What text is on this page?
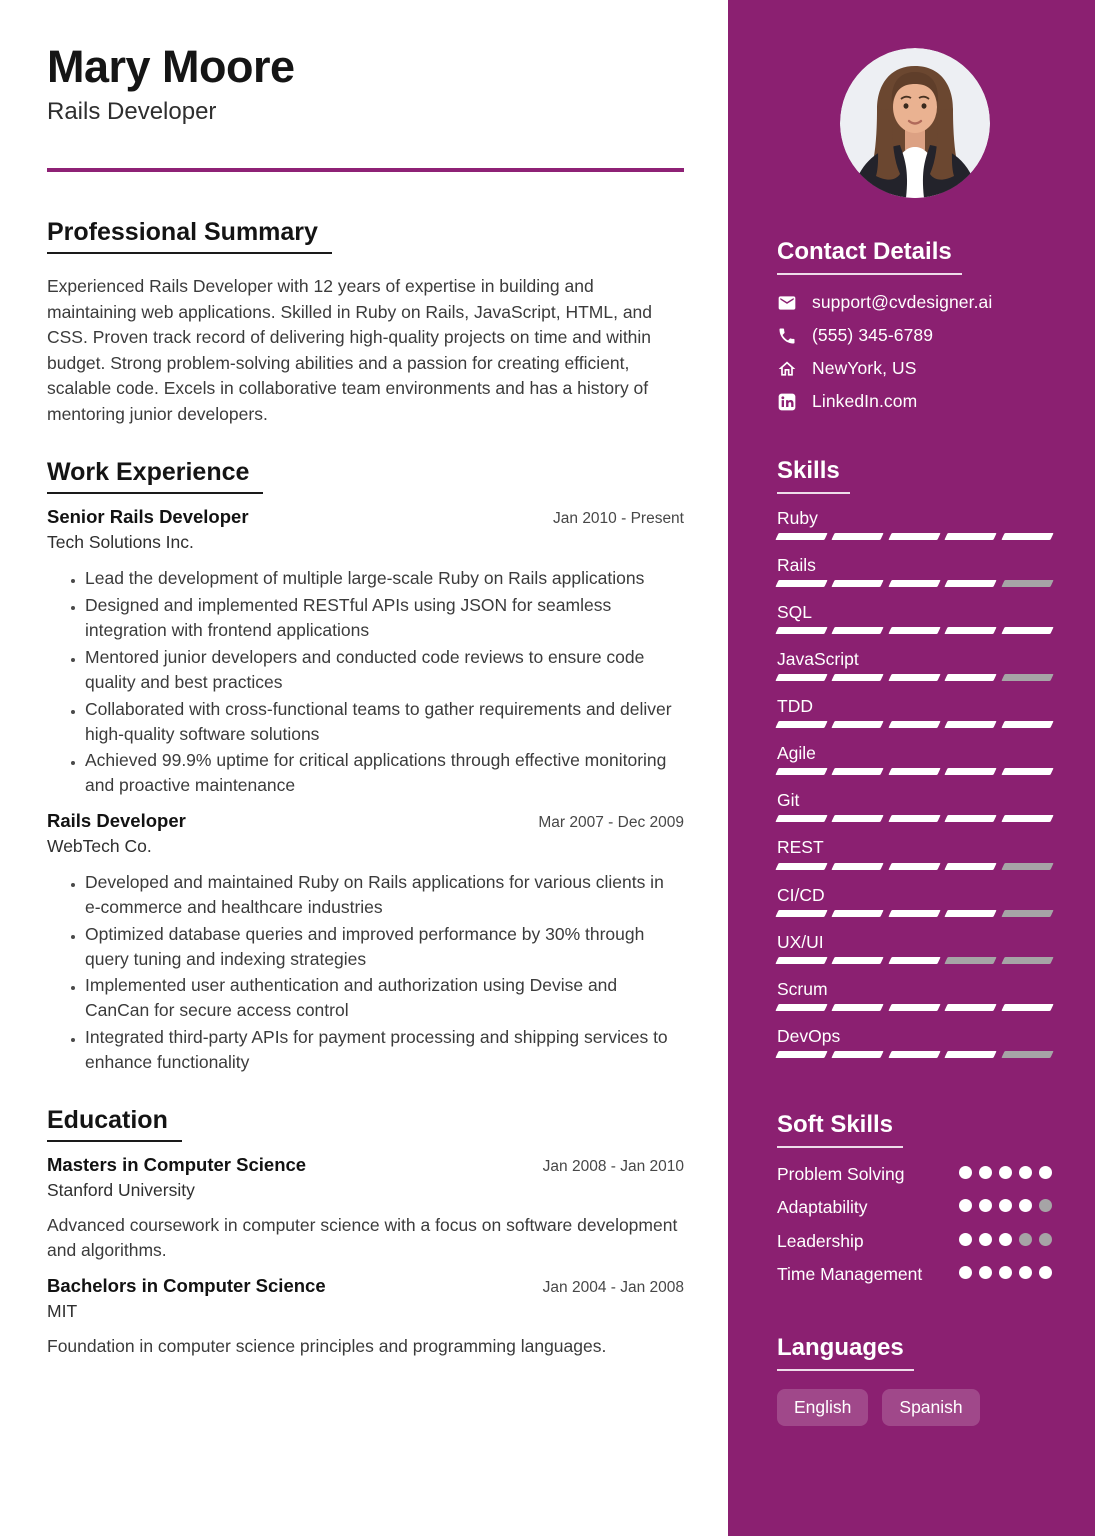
Mary Moore
Rails Developer
Professional Summary
Experienced Rails Developer with 12 years of expertise in building and maintaining web applications. Skilled in Ruby on Rails, JavaScript, HTML, and CSS. Proven track record of delivering high-quality projects on time and within budget. Strong problem-solving abilities and a passion for creating efficient, scalable code. Excels in collaborative team environments and has a history of mentoring junior developers.
Work Experience
Senior Rails Developer	Jan 2010 - Present
Tech Solutions Inc.
• Lead the development of multiple large-scale Ruby on Rails applications
• Designed and implemented RESTful APIs using JSON for seamless integration with frontend applications
• Mentored junior developers and conducted code reviews to ensure code quality and best practices
• Collaborated with cross-functional teams to gather requirements and deliver high-quality software solutions
• Achieved 99.9% uptime for critical applications through effective monitoring and proactive maintenance
Rails Developer	Mar 2007 - Dec 2009
WebTech Co.
• Developed and maintained Ruby on Rails applications for various clients in e-commerce and healthcare industries
• Optimized database queries and improved performance by 30% through query tuning and indexing strategies
• Implemented user authentication and authorization using Devise and CanCan for secure access control
• Integrated third-party APIs for payment processing and shipping services to enhance functionality
Education
Masters in Computer Science	Jan 2008 - Jan 2010
Stanford University
Advanced coursework in computer science with a focus on software development and algorithms.
Bachelors in Computer Science	Jan 2004 - Jan 2008
MIT
Foundation in computer science principles and programming languages.
Contact Details
support@cvdesigner.ai
(555) 345-6789
NewYork, US
LinkedIn.com
Skills
Ruby
Rails
SQL
JavaScript
TDD
Agile
Git
REST
CI/CD
UX/UI
Scrum
DevOps
Soft Skills
Problem Solving
Adaptability
Leadership
Time Management
Languages
English	Spanish
